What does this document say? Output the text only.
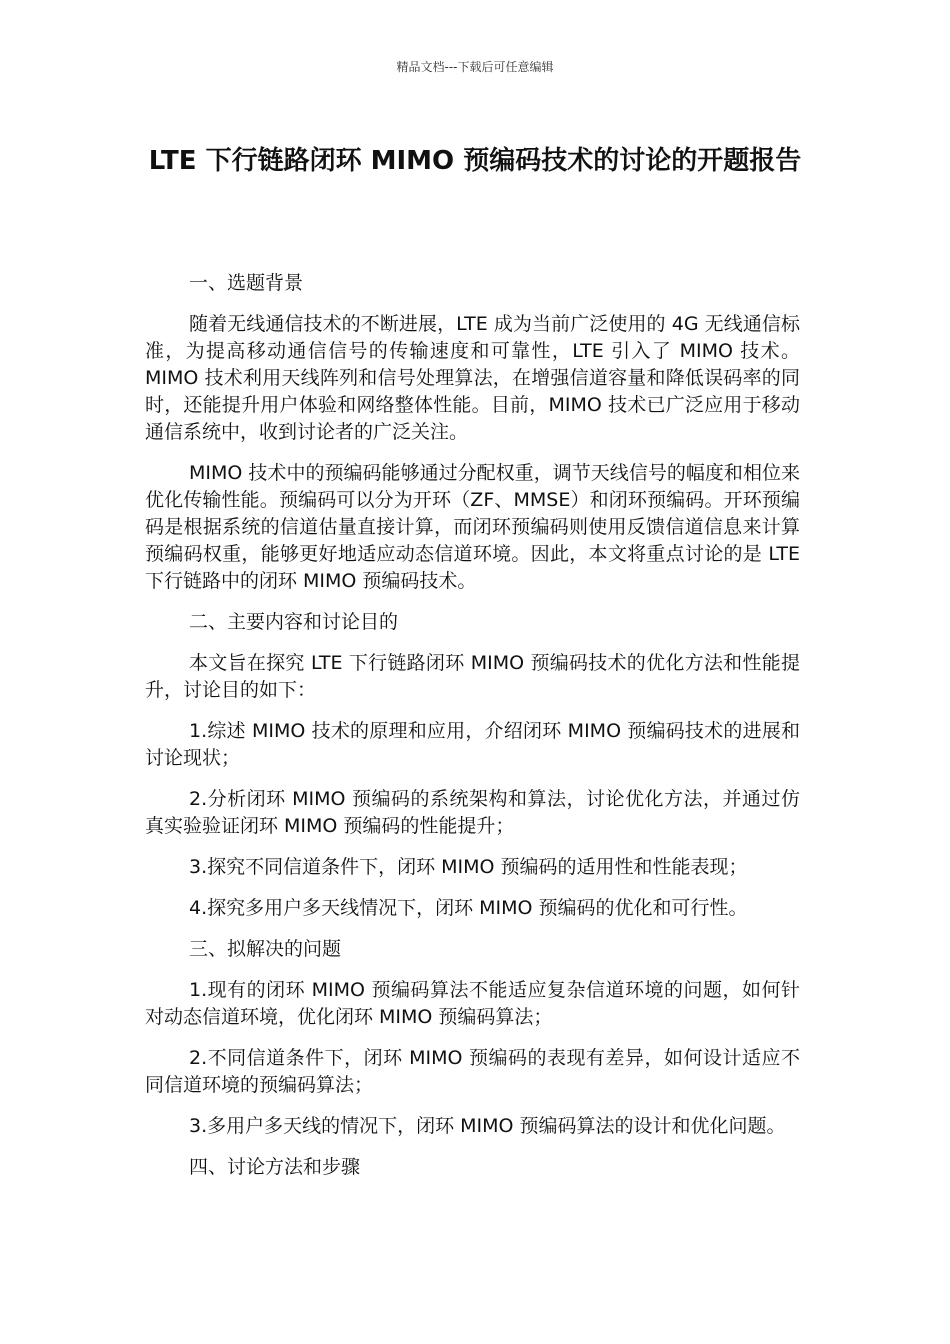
精品文档---下载后可任意编辑
LTE 下行链路闭环 MIMO 预编码技术的讨论的开题报告

一、选题背景

随着无线通信技术的不断进展，LTE 成为当前广泛使用的 4G 无线通信标准，为提高移动通信信号的传输速度和可靠性，LTE 引入了 MIMO 技术。MIMO 技术利用天线阵列和信号处理算法，在增强信道容量和降低误码率的同时，还能提升用户体验和网络整体性能。目前，MIMO 技术已广泛应用于移动通信系统中，收到讨论者的广泛关注。

MIMO 技术中的预编码能够通过分配权重，调节天线信号的幅度和相位来优化传输性能。预编码可以分为开环（ZF、MMSE）和闭环预编码。开环预编码是根据系统的信道估量直接计算，而闭环预编码则使用反馈信道信息来计算预编码权重，能够更好地适应动态信道环境。因此，本文将重点讨论的是 LTE 下行链路中的闭环 MIMO 预编码技术。

二、主要内容和讨论目的

本文旨在探究 LTE 下行链路闭环 MIMO 预编码技术的优化方法和性能提升，讨论目的如下：

1.综述 MIMO 技术的原理和应用，介绍闭环 MIMO 预编码技术的进展和讨论现状；

2.分析闭环 MIMO 预编码的系统架构和算法，讨论优化方法，并通过仿真实验验证闭环 MIMO 预编码的性能提升；

3.探究不同信道条件下，闭环 MIMO 预编码的适用性和性能表现；

4.探究多用户多天线情况下，闭环 MIMO 预编码的优化和可行性。

三、拟解决的问题

1.现有的闭环 MIMO 预编码算法不能适应复杂信道环境的问题，如何针对动态信道环境，优化闭环 MIMO 预编码算法；

2.不同信道条件下，闭环 MIMO 预编码的表现有差异，如何设计适应不同信道环境的预编码算法；

3.多用户多天线的情况下，闭环 MIMO 预编码算法的设计和优化问题。

四、讨论方法和步骤
